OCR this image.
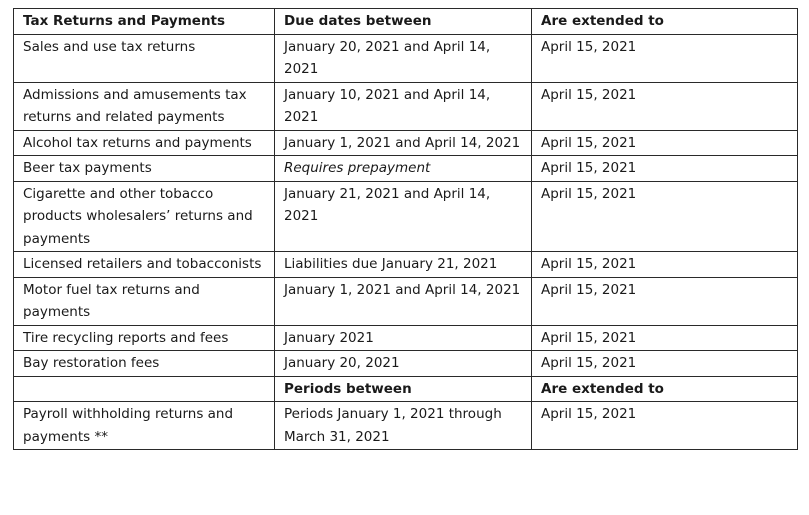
Tax Returns and Payments	Due dates between	Are extended to
Sales and use tax returns	January 20, 2021 and April 14, 2021	April 15, 2021
Admissions and amusements tax returns and related payments	January 10, 2021 and April 14, 2021	April 15, 2021
Alcohol tax returns and payments	January 1, 2021 and April 14, 2021	April 15, 2021
Beer tax payments	Requires prepayment	April 15, 2021
Cigarette and other tobacco products wholesalers’ returns and payments	January 21, 2021 and April 14, 2021	April 15, 2021
Licensed retailers and tobacconists	Liabilities due January 21, 2021	April 15, 2021
Motor fuel tax returns and payments	January 1, 2021 and April 14, 2021	April 15, 2021
Tire recycling reports and fees	January 2021	April 15, 2021
Bay restoration fees	January 20, 2021	April 15, 2021
	Periods between	Are extended to
Payroll withholding returns and payments **	Periods January 1, 2021 through March 31, 2021	April 15, 2021
